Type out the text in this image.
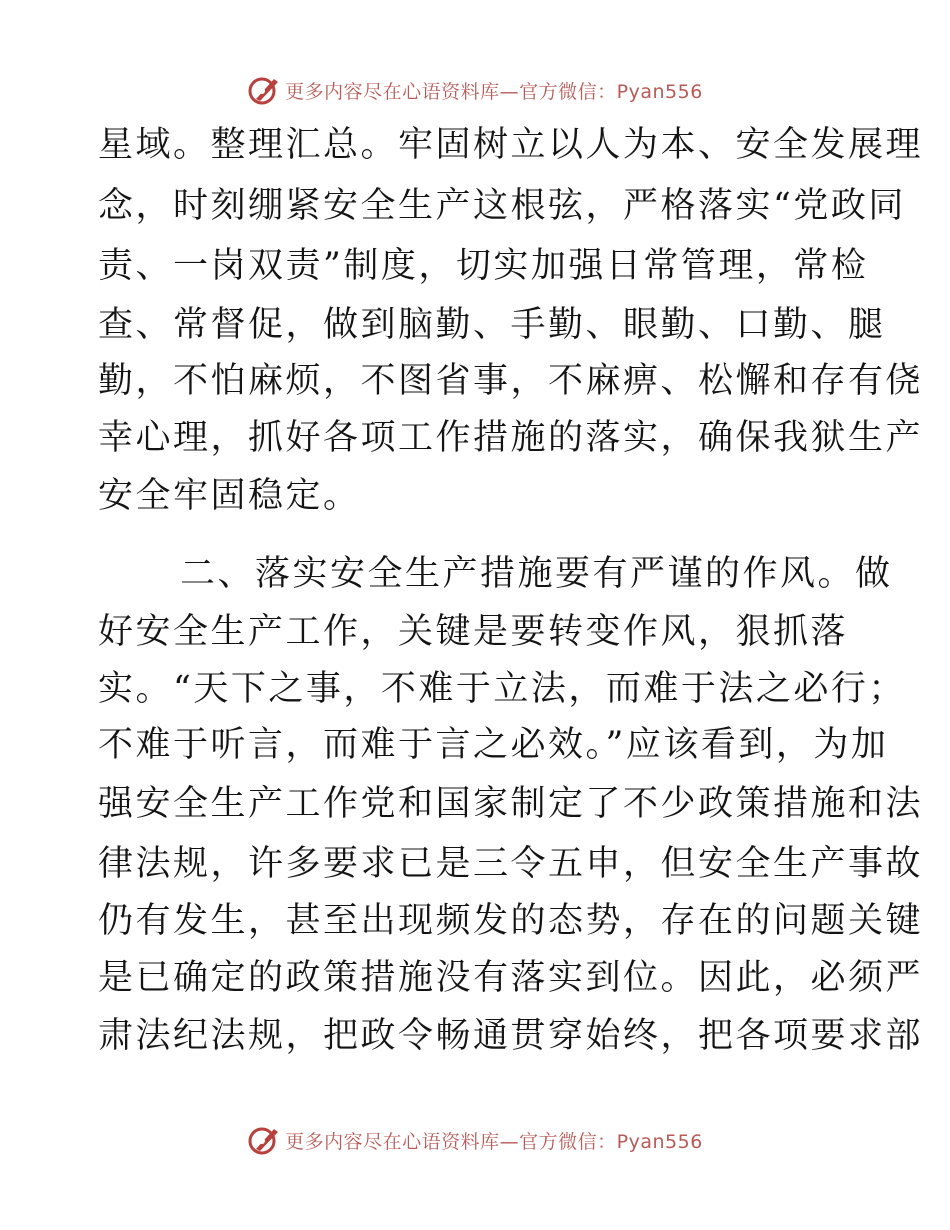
更多内容尽在心语资料库—官方微信：Pyan556
星域。整理汇总。牢固树立以人为本、安全发展理
念，时刻绷紧安全生产这根弦，严格落实“党政同
责、一岗双责”制度，切实加强日常管理，常检
查、常督促，做到脑勤、手勤、眼勤、口勤、腿
勤，不怕麻烦，不图省事，不麻痹、松懈和存有侥
幸心理，抓好各项工作措施的落实，确保我狱生产
安全牢固稳定。
二、落实安全生产措施要有严谨的作风。做
好安全生产工作，关键是要转变作风，狠抓落
实。“天下之事，不难于立法，而难于法之必行；
不难于听言，而难于言之必效。”应该看到，为加
强安全生产工作党和国家制定了不少政策措施和法
律法规，许多要求已是三令五申，但安全生产事故
仍有发生，甚至出现频发的态势，存在的问题关键
是已确定的政策措施没有落实到位。因此，必须严
肃法纪法规，把政令畅通贯穿始终，把各项要求部
更多内容尽在心语资料库—官方微信：Pyan556
